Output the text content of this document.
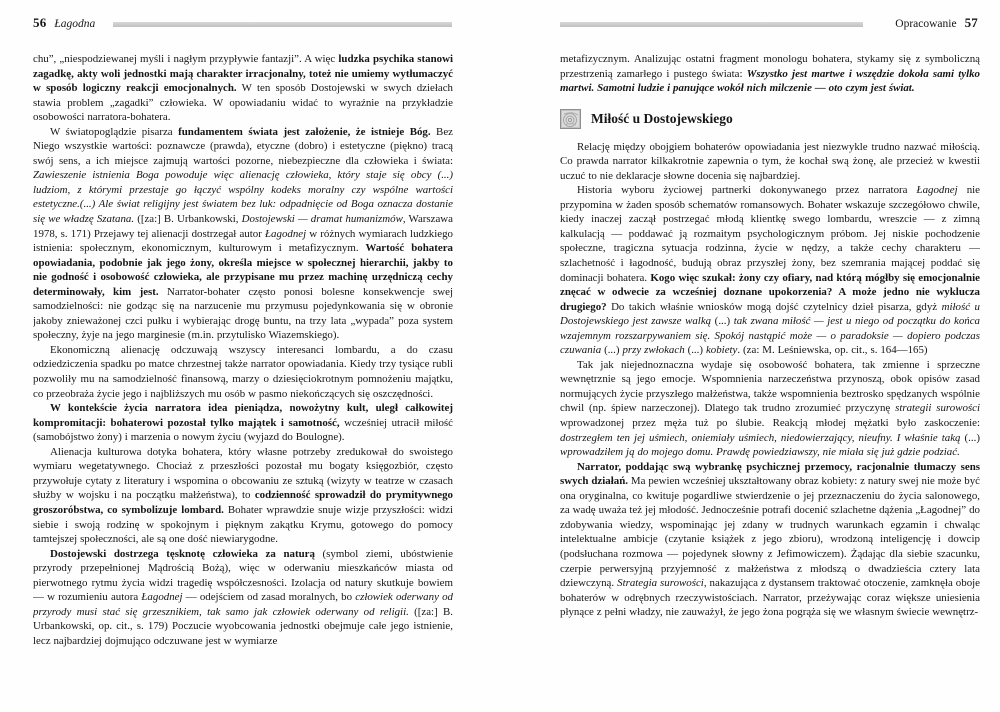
56 Łagodna	Opracowanie 57

chu”, „niespodziewanej myśli i nagłym przypływie fantazji”. A więc ludzka psychika stanowi zagadkę, akty woli jednostki mają charakter irracjonalny, toteż nie umiemy wytłumaczyć w sposób logiczny reakcji emocjonalnych. W ten sposób Dostojewski w swych dziełach stawia problem „zagadki” człowieka. W opowiadaniu widać to wyraźnie na przykładzie osobowości narratora-bohatera.

W światopoglądzie pisarza fundamentem świata jest założenie, że istnieje Bóg. Bez Niego wszystkie wartości: poznawcze (prawda), etyczne (dobro) i estetyczne (piękno) tracą swój sens, a ich miejsce zajmują wartości pozorne, niebezpieczne dla człowieka i świata: Zawieszenie istnienia Boga powoduje więc alienację człowieka, który staje się obcy (...) ludziom, z którymi przestaje go łączyć wspólny kodeks moralny czy wspólne wartości estetyczne.(...) Ale świat religijny jest światem bez luk: odpadnięcie od Boga oznacza dostanie się we władzę Szatana. ([za:] B. Urbankowski, Dostojewski — dramat humanizmów, Warszawa 1978, s. 171) Przejawy tej alienacji dostrzegał autor Łagodnej w różnych wymiarach ludzkiego istnienia: społecznym, ekonomicznym, kulturowym i metafizycznym. Wartość bohatera opowiadania, podobnie jak jego żony, określa miejsce w społecznej hierarchii, jakby to nie godność i osobowość człowieka, ale przypisane mu przez machinę urzędniczą cechy determinowały, kim jest. Narrator-bohater często ponosi bolesne konsekwencje swej samodzielności: nie godząc się na narzucenie mu przymusu pojedynkowania się w obronie jakoby znieważonej czci pułku i wybierając drogę buntu, na trzy lata „wypada” poza system społeczny, żyje na jego marginesie (m.in. przytulisko Wiazemskiego).

Ekonomiczną alienację odczuwają wszyscy interesanci lombardu, a do czasu odziedziczenia spadku po matce chrzestnej także narrator opowiadania. Kiedy trzy tysiące rubli pozwoliły mu na samodzielność finansową, marzy o dziesięciokrotnym pomnożeniu majątku, co przeobraża życie jego i najbliższych mu osób w pasmo niekończących się oszczędności.

W kontekście życia narratora idea pieniądza, nowożytny kult, uległ całkowitej kompromitacji: bohaterowi pozostał tylko majątek i samotność, wcześniej utracił miłość (samobójstwo żony) i marzenia o nowym życiu (wyjazd do Boulogne).

Alienacja kulturowa dotyka bohatera, który własne potrzeby zredukował do swoistego wymiaru wegetatywnego. Chociaż z przeszłości pozostał mu bogaty księgozbiór, często przywołuje cytaty z literatury i wspomina o obcowaniu ze sztuką (wizyty w teatrze w czasach służby w wojsku i na początku małżeństwa), to codzienność sprowadził do prymitywnego groszoróbstwa, co symbolizuje lombard. Bohater wprawdzie snuje wizje przyszłości: widzi siebie i swoją rodzinę w spokojnym i pięknym zakątku Krymu, gotowego do pomocy tamtejszej społeczności, ale są one dość niewiarygodne.

Dostojewski dostrzega tęsknotę człowieka za naturą (symbol ziemi, ubóstwienie przyrody przepełnionej Mądrością Bożą), więc w oderwaniu mieszkańców miasta od pierwotnego rytmu życia widzi tragedię współczesności. Izolacja od natury skutkuje bowiem — w rozumieniu autora Łagodnej — odejściem od zasad moralnych, bo człowiek oderwany od przyrody musi stać się grzesznikiem, tak samo jak człowiek oderwany od religii. ([za:] B. Urbankowski, op. cit., s. 179) Poczucie wyobcowania jednostki obejmuje całe jego istnienie, lecz najbardziej dojmująco odczuwane jest w wymiarze

metafizycznym. Analizując ostatni fragment monologu bohatera, stykamy się z symboliczną przestrzenią zamarłego i pustego świata: Wszystko jest martwe i wszędzie dokoła sami tylko martwi. Samotni ludzie i panujące wokół nich milczenie — oto czym jest świat.

Miłość u Dostojewskiego

Relację między obojgiem bohaterów opowiadania jest niezwykle trudno nazwać miłością. Co prawda narrator kilkakrotnie zapewnia o tym, że kochał swą żonę, ale przecież w kwestii uczuć to nie deklaracje słowne docenia się najbardziej.

Historia wyboru życiowej partnerki dokonywanego przez narratora Łagodnej nie przypomina w żaden sposób schematów romansowych. Bohater wskazuje szczegółowo chwile, kiedy inaczej zaczął postrzegać młodą klientkę swego lombardu, wreszcie — z zimną kalkulacją — poddawać ją rozmaitym psychologicznym próbom. Jej niskie pochodzenie społeczne, tragiczna sytuacja rodzinna, życie w nędzy, a także cechy charakteru — szlachetność i łagodność, budują obraz przyszłej żony, bez szemrania mającej poddać się dominacji bohatera. Kogo więc szukał: żony czy ofiary, nad którą mógłby się emocjonalnie znęcać w odwecie za wcześniej doznane upokorzenia? A może jedno nie wyklucza drugiego? Do takich właśnie wniosków mogą dojść czytelnicy dzieł pisarza, gdyż miłość u Dostojewskiego jest zawsze walką (...) tak zwana miłość — jest u niego od początku do końca wzajemnym rozszarpywaniem się. Spokój nastąpić może — o paradoksie — dopiero podczas czuwania (...) przy zwłokach (...) kobiety. (za: M. Leśniewska, op. cit., s. 164—165)

Tak jak niejednoznaczna wydaje się osobowość bohatera, tak zmienne i sprzeczne wewnętrznie są jego emocje. Wspomnienia narzeczeństwa przynoszą, obok opisów zasad normujących życie przyszłego małżeństwa, także wspomnienia beztrosko spędzanych wspólnie chwil (np. śpiew narzeczonej). Dlatego tak trudno zrozumieć przyczynę strategii surowości wprowadzonej przez męża tuż po ślubie. Reakcją młodej mężatki było zaskoczenie: dostrzegłem ten jej uśmiech, oniemiały uśmiech, niedowierzający, nieufny. I właśnie taką (...) wprowadziłem ją do mojego domu. Prawdę powiedziawszy, nie miała się już gdzie podziać.

Narrator, poddając swą wybrankę psychicznej przemocy, racjonalnie tłumaczy sens swych działań. Ma pewien wcześniej ukształtowany obraz kobiety: z natury swej nie może być ona oryginalna, co kwituje pogardliwe stwierdzenie o jej przeznaczeniu do życia salonowego, za wadę uważa też jej młodość. Jednocześnie potrafi docenić szlachetne dążenia „Łagodnej” do zdobywania wiedzy, wspominając jej zdany w trudnych warunkach egzamin i chwaląc intelektualne ambicje (czytanie książek z jego zbioru), wrodzoną inteligencję i dowcip (podsłuchana rozmowa — pojedynek słowny z Jefimowiczem). Żądając dla siebie szacunku, czerpie perwersyjną przyjemność z małżeństwa z młodszą o dwadzieścia cztery lata dziewczyną. Strategia surowości, nakazująca z dystansem traktować otoczenie, zamknęła oboje bohaterów w odrębnych rzeczywistościach. Narrator, przeżywając coraz większe uniesienia płynące z pełni władzy, nie zauważył, że jego żona pogrąża się we własnym świecie wewnętrz-
